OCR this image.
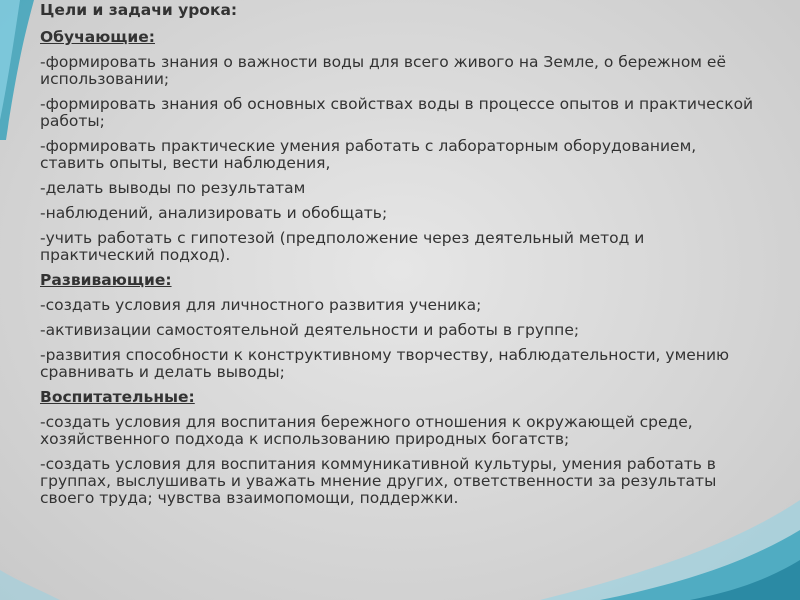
Цели и задачи урока:
Обучающие:
-формировать знания о важности воды для всего живого на Земле, о бережном её использовании;
-формировать знания об основных свойствах воды в процессе опытов и практической работы;
-формировать практические умения работать с лабораторным оборудованием, ставить опыты, вести наблюдения,
-делать выводы по результатам
-наблюдений, анализировать и обобщать;
-учить работать с гипотезой (предположение через деятельный метод и практический подход).
Развивающие:
-создать условия для личностного развития ученика;
-активизации самостоятельной деятельности и работы в группе;
-развития способности к конструктивному творчеству, наблюдательности, умению сравнивать и делать выводы;
Воспитательные:
-создать условия для воспитания бережного отношения к окружающей среде, хозяйственного подхода к использованию природных богатств;
-создать условия для воспитания коммуникативной культуры, умения работать в группах, выслушивать и уважать мнение других, ответственности за результаты своего труда; чувства взаимопомощи, поддержки.
